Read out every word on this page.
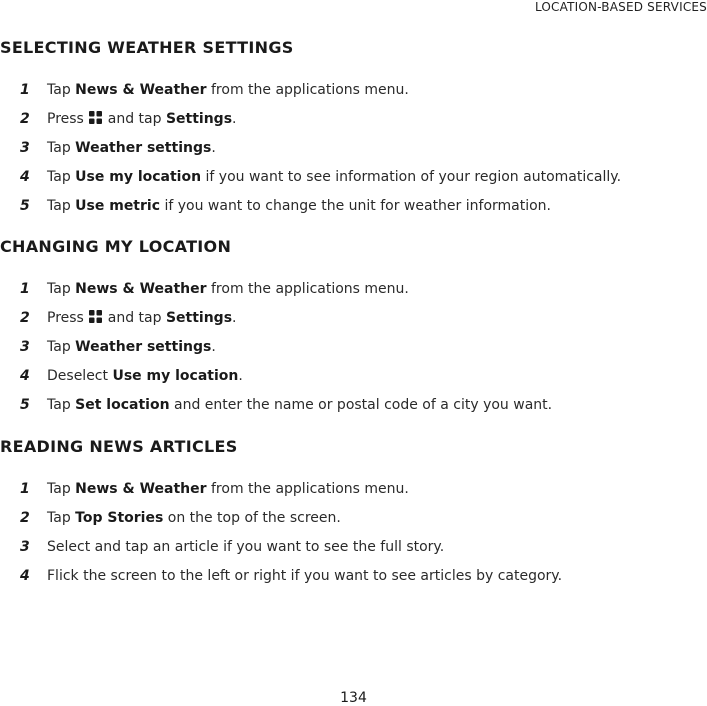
LOCATION-BASED SERVICES
SELECTING WEATHER SETTINGS
1 Tap News & Weather from the applications menu.
2 Press  and tap Settings.
3 Tap Weather settings.
4 Tap Use my location if you want to see information of your region automatically.
5 Tap Use metric if you want to change the unit for weather information.
CHANGING MY LOCATION
1 Tap News & Weather from the applications menu.
2 Press  and tap Settings.
3 Tap Weather settings.
4 Deselect Use my location.
5 Tap Set location and enter the name or postal code of a city you want.
READING NEWS ARTICLES
1 Tap News & Weather from the applications menu.
2 Tap Top Stories on the top of the screen.
3 Select and tap an article if you want to see the full story.
4 Flick the screen to the left or right if you want to see articles by category.
134
